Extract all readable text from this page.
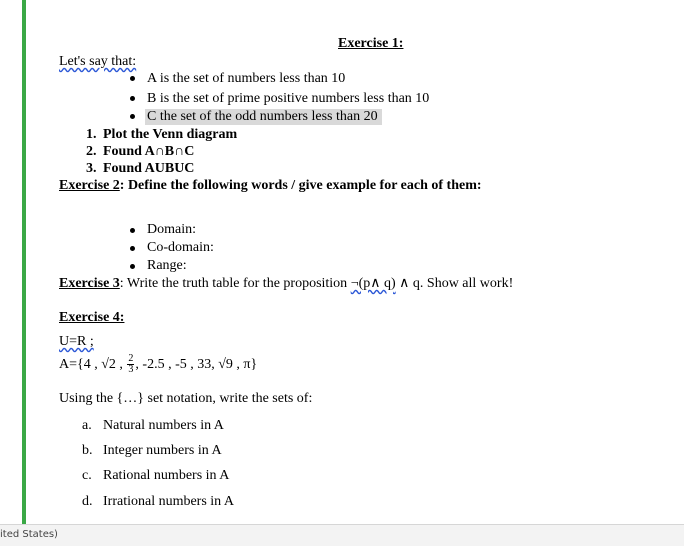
Exercise 1:
Let's say that:
A is the set of numbers less than 10
B is the set of prime positive numbers less than 10
C the set of the odd numbers less than 20
1. Plot the Venn diagram
2. Found A∩B∩C
3. Found AUBUC
Exercise 2: Define the following words / give example for each of them:
Domain:
Co-domain:
Range:
Exercise 3: Write the truth table for the proposition ¬(p∧ q) ∧ q. Show all work!
Exercise 4:
U=R ;
A={4 , √2 , $\frac{2}{3}$ , -2.5 , -5 , 33, √9 , π}
Using the {…} set notation, write the sets of:
a. Natural numbers in A
b. Integer numbers in A
c. Rational numbers in A
d. Irrational numbers in A
ited States)
